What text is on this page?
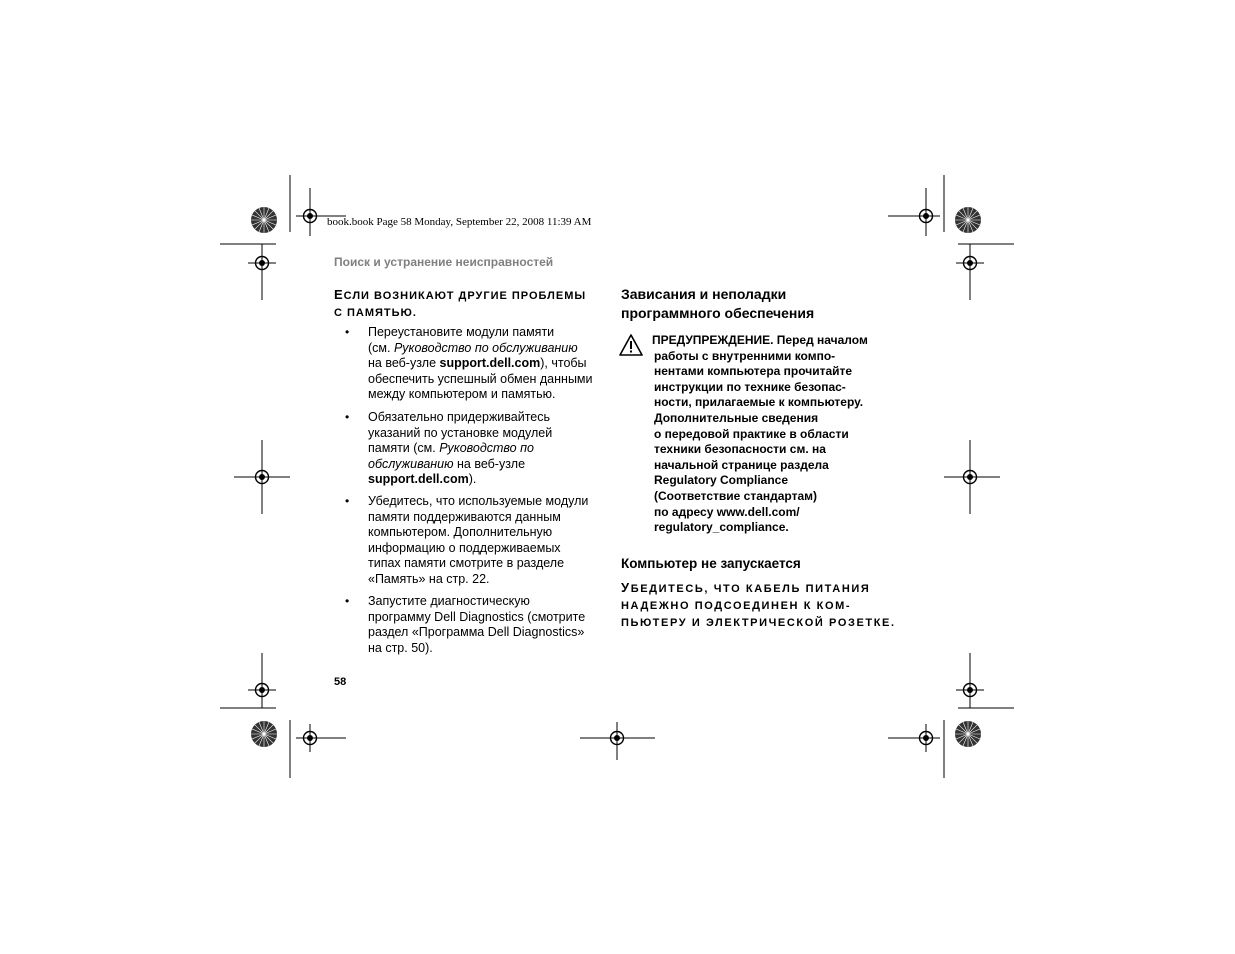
book.book Page 58 Monday, September 22, 2008 11:39 AM
Поиск и устранение неисправностей
ЕСЛИ ВОЗНИКАЮТ ДРУГИЕ ПРОБЛЕМЫ
С ПАМЯТЬЮ.
• Переустановите модули памяти
(см. Руководство по обслуживанию
на веб-узле support.dell.com), чтобы
обеспечить успешный обмен данными
между компьютером и памятью.
• Обязательно придерживайтесь
указаний по установке модулей
памяти (см. Руководство по
обслуживанию на веб-узле
support.dell.com).
• Убедитесь, что используемые модули
памяти поддерживаются данным
компьютером. Дополнительную
информацию о поддерживаемых
типах памяти смотрите в разделе
«Память» на стр. 22.
• Запустите диагностическую
программу Dell Diagnostics (смотрите
раздел «Программа Dell Diagnostics»
на стр. 50).
58
Зависания и неполадки
программного обеспечения
ПРЕДУПРЕЖДЕНИЕ. Перед началом
работы с внутренними компо-
нентами компьютера прочитайте
инструкции по технике безопас-
ности, прилагаемые к компьютеру.
Дополнительные сведения
о передовой практике в области
техники безопасности см. на
начальной странице раздела
Regulatory Compliance
(Соответствие стандартам)
по адресу www.dell.com/
regulatory_compliance.
Компьютер не запускается
УБЕДИТЕСЬ, ЧТО КАБЕЛЬ ПИТАНИЯ
НАДЕЖНО ПОДСОЕДИНЕН К КОМ-
ПЬЮТЕРУ И ЭЛЕКТРИЧЕСКОЙ РОЗЕТКЕ.
